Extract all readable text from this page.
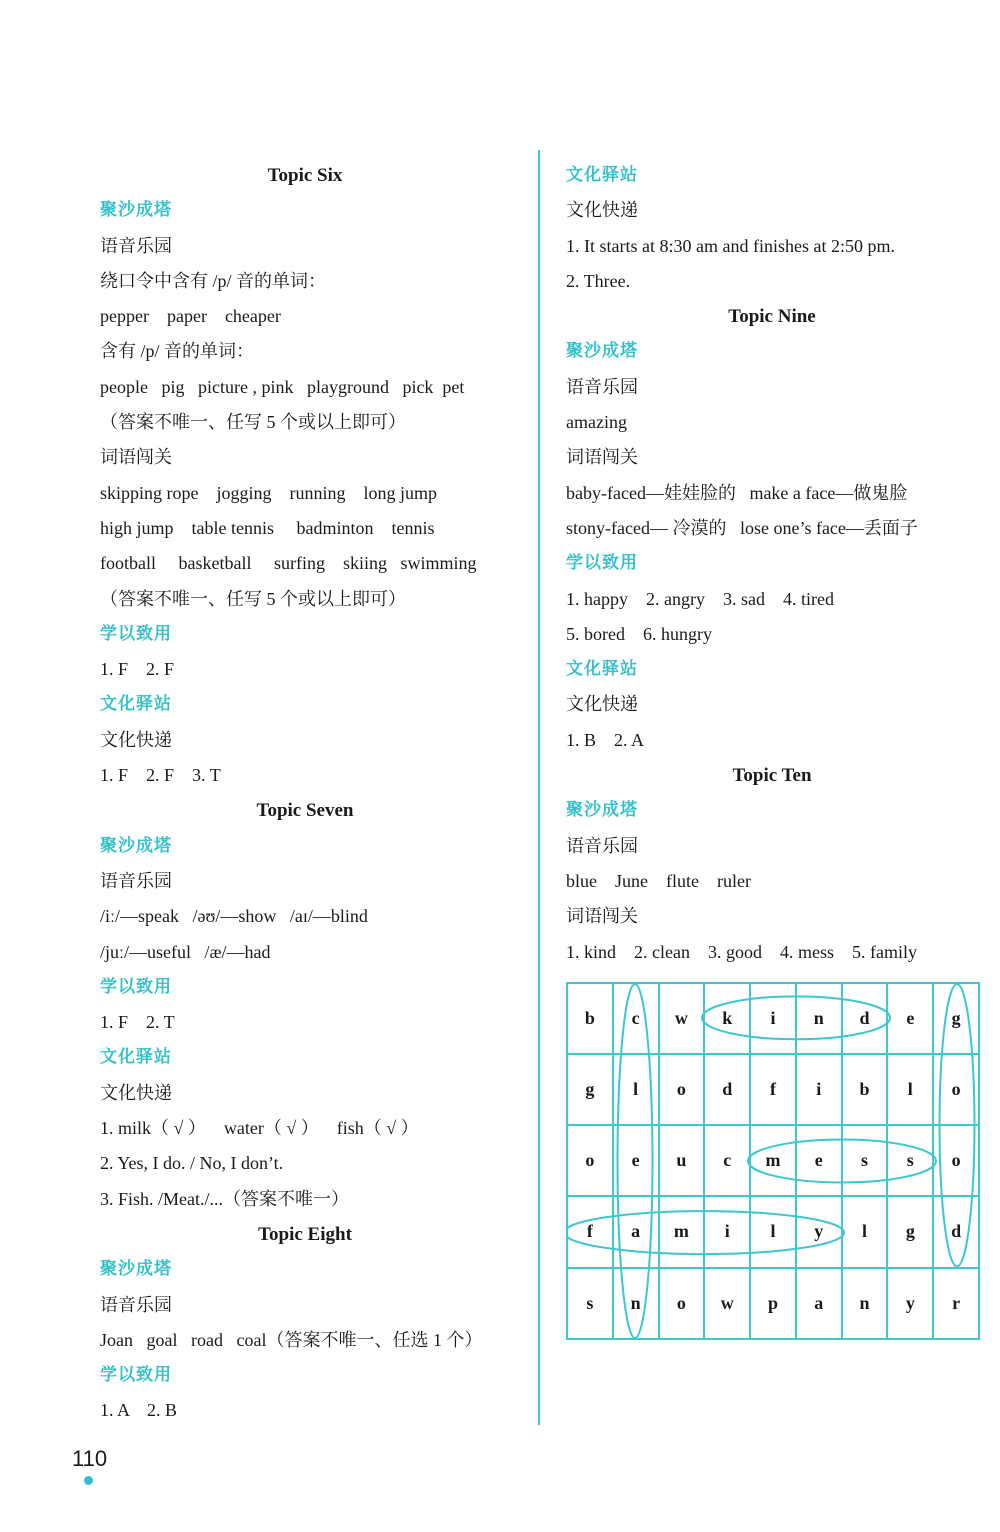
Topic Six
聚沙成塔
语音乐园
绕口令中含有 /p/ 音的单词：
pepper    paper    cheaper
含有 /p/ 音的单词：
people   pig   picture , pink   playground   pick  pet
（答案不唯一、任写 5 个或以上即可）
词语闯关
skipping rope    jogging    running    long jump
high jump    table tennis     badminton    tennis
football     basketball     surfing    skiing   swimming
（答案不唯一、任写 5 个或以上即可）
学以致用
1. F    2. F
文化驿站
文化快递
1. F    2. F    3. T
Topic Seven
聚沙成塔
语音乐园
/iː/—speak   /əʊ/—show   /aɪ/—blind
/juː/—useful   /æ/—had
学以致用
1. F    2. T
文化驿站
文化快递
1. milk（ √ ）    water（ √ ）    fish（ √ ）
2. Yes, I do. / No, I don’t.
3. Fish. /Meat./...（答案不唯一）
Topic Eight
聚沙成塔
语音乐园
Joan   goal   road   coal（答案不唯一、任选 1 个）
学以致用
1. A    2. B
文化驿站
文化快递
1. It starts at 8:30 am and finishes at 2:50 pm.
2. Three.
Topic Nine
聚沙成塔
语音乐园
amazing
词语闯关
baby-faced—娃娃脸的   make a face—做鬼脸
stony-faced— 冷漠的   lose one’s face—丢面子
学以致用
1. happy    2. angry    3. sad    4. tired
5. bored    6. hungry
文化驿站
文化快递
1. B    2. A
Topic Ten
聚沙成塔
语音乐园
blue    June    flute    ruler
词语闯关
1. kind    2. clean    3. good    4. mess    5. family
b	c	w	k	i	n	d	e	g
g	l	o	d	f	i	b	l	o
o	e	u	c	m	e	s	s	o
f	a	m	i	l	y	l	g	d
s	n	o	w	p	a	n	y	r
110
